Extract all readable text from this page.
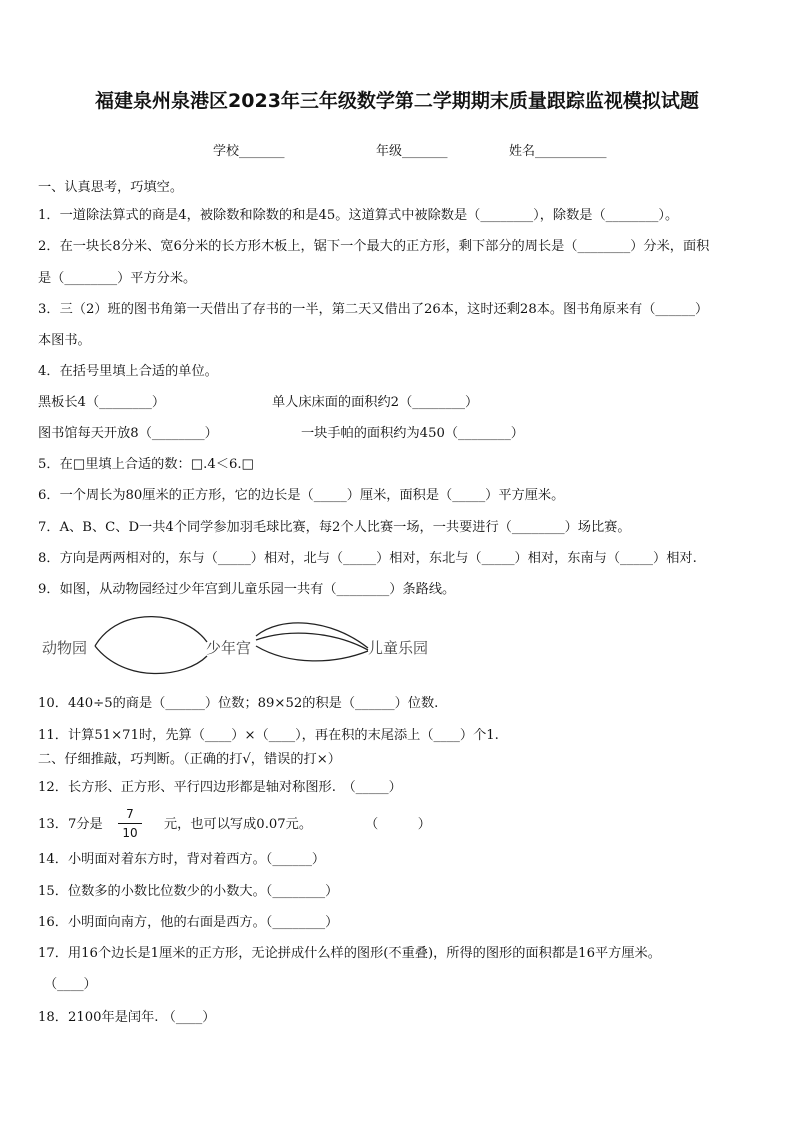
福建泉州泉港区2023年三年级数学第二学期期末质量跟踪监视模拟试题
学校_______	年级_______	姓名___________
一、认真思考，巧填空。
1．一道除法算式的商是4，被除数和除数的和是45。这道算式中被除数是（________），除数是（________）。
2．在一块长8分米、宽6分米的长方形木板上，锯下一个最大的正方形，剩下部分的周长是（________）分米，面积
是（________）平方分米。
3．三（2）班的图书角第一天借出了存书的一半，第二天又借出了26本，这时还剩28本。图书角原来有（______）
本图书。
4．在括号里填上合适的单位。
黑板长4（________）	单人床床面的面积约2（________）
图书馆每天开放8（________）	一块手帕的面积约为450（________）
5．在□里填上合适的数：□.4＜6.□
6．一个周长为80厘米的正方形，它的边长是（_____）厘米，面积是（_____）平方厘米。
7．A、B、C、D一共4个同学参加羽毛球比赛，每2个人比赛一场，一共要进行（________）场比赛。
8．方向是两两相对的，东与（_____）相对，北与（_____）相对，东北与（_____）相对，东南与（_____）相对.
9．如图，从动物园经过少年宫到儿童乐园一共有（________）条路线。
动物园	少年宫	儿童乐园
10．440÷5的商是（______）位数；89×52的积是（______）位数.
11．计算51×71时，先算（____）×（____），再在积的末尾添上（____）个1.
二、仔细推敲，巧判断。（正确的打√，错误的打×）
12．长方形、正方形、平行四边形都是轴对称图形.　（_____）
13．7分是
7
10
元，也可以写成0.07元。	（　　　）
14．小明面对着东方时，背对着西方。（______）
15．位数多的小数比位数少的小数大。（________）
16．小明面向南方，他的右面是西方。（________）
17．用16个边长是1厘米的正方形，无论拼成什么样的图形(不重叠)，所得的图形的面积都是16平方厘米。
（____）
18．2100年是闰年. （____）
